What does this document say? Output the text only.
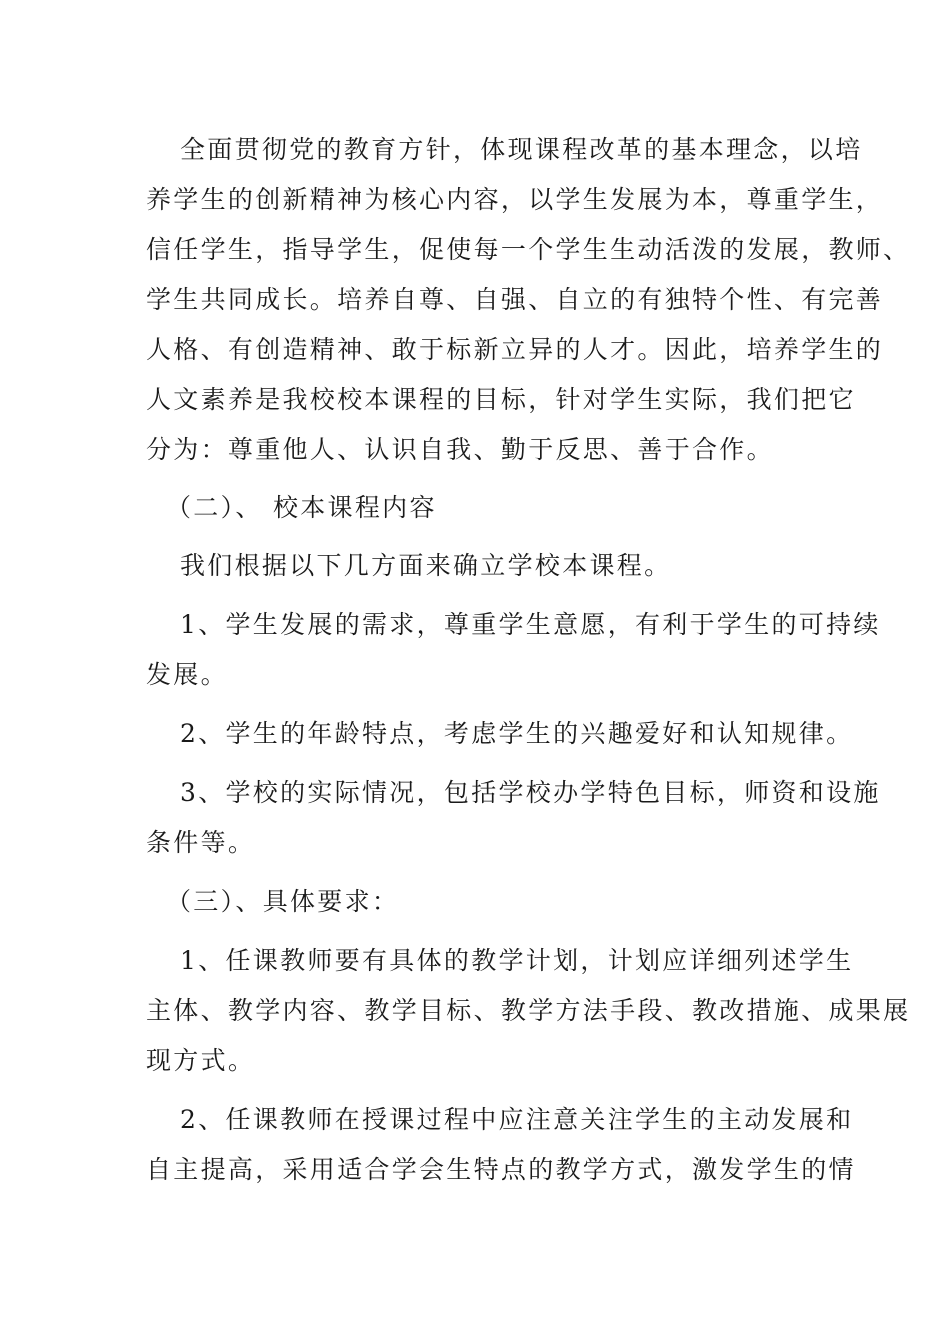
全面贯彻党的教育方针，体现课程改革的基本理念，以培
养学生的创新精神为核心内容，以学生发展为本，尊重学生，
信任学生，指导学生，促使每一个学生生动活泼的发展，教师、
学生共同成长。培养自尊、自强、自立的有独特个性、有完善
人格、有创造精神、敢于标新立异的人才。因此，培养学生的
人文素养是我校校本课程的目标，针对学生实际，我们把它
分为：尊重他人、认识自我、勤于反思、善于合作。
（二）、 校本课程内容
我们根据以下几方面来确立学校本课程。
1、学生发展的需求，尊重学生意愿，有利于学生的可持续
发展。
2、学生的年龄特点，考虑学生的兴趣爱好和认知规律。
3、学校的实际情况，包括学校办学特色目标，师资和设施
条件等。
（三）、具体要求：
1、任课教师要有具体的教学计划，计划应详细列述学生
主体、教学内容、教学目标、教学方法手段、教改措施、成果展
现方式。
2、任课教师在授课过程中应注意关注学生的主动发展和
自主提高，采用适合学会生特点的教学方式，激发学生的情
